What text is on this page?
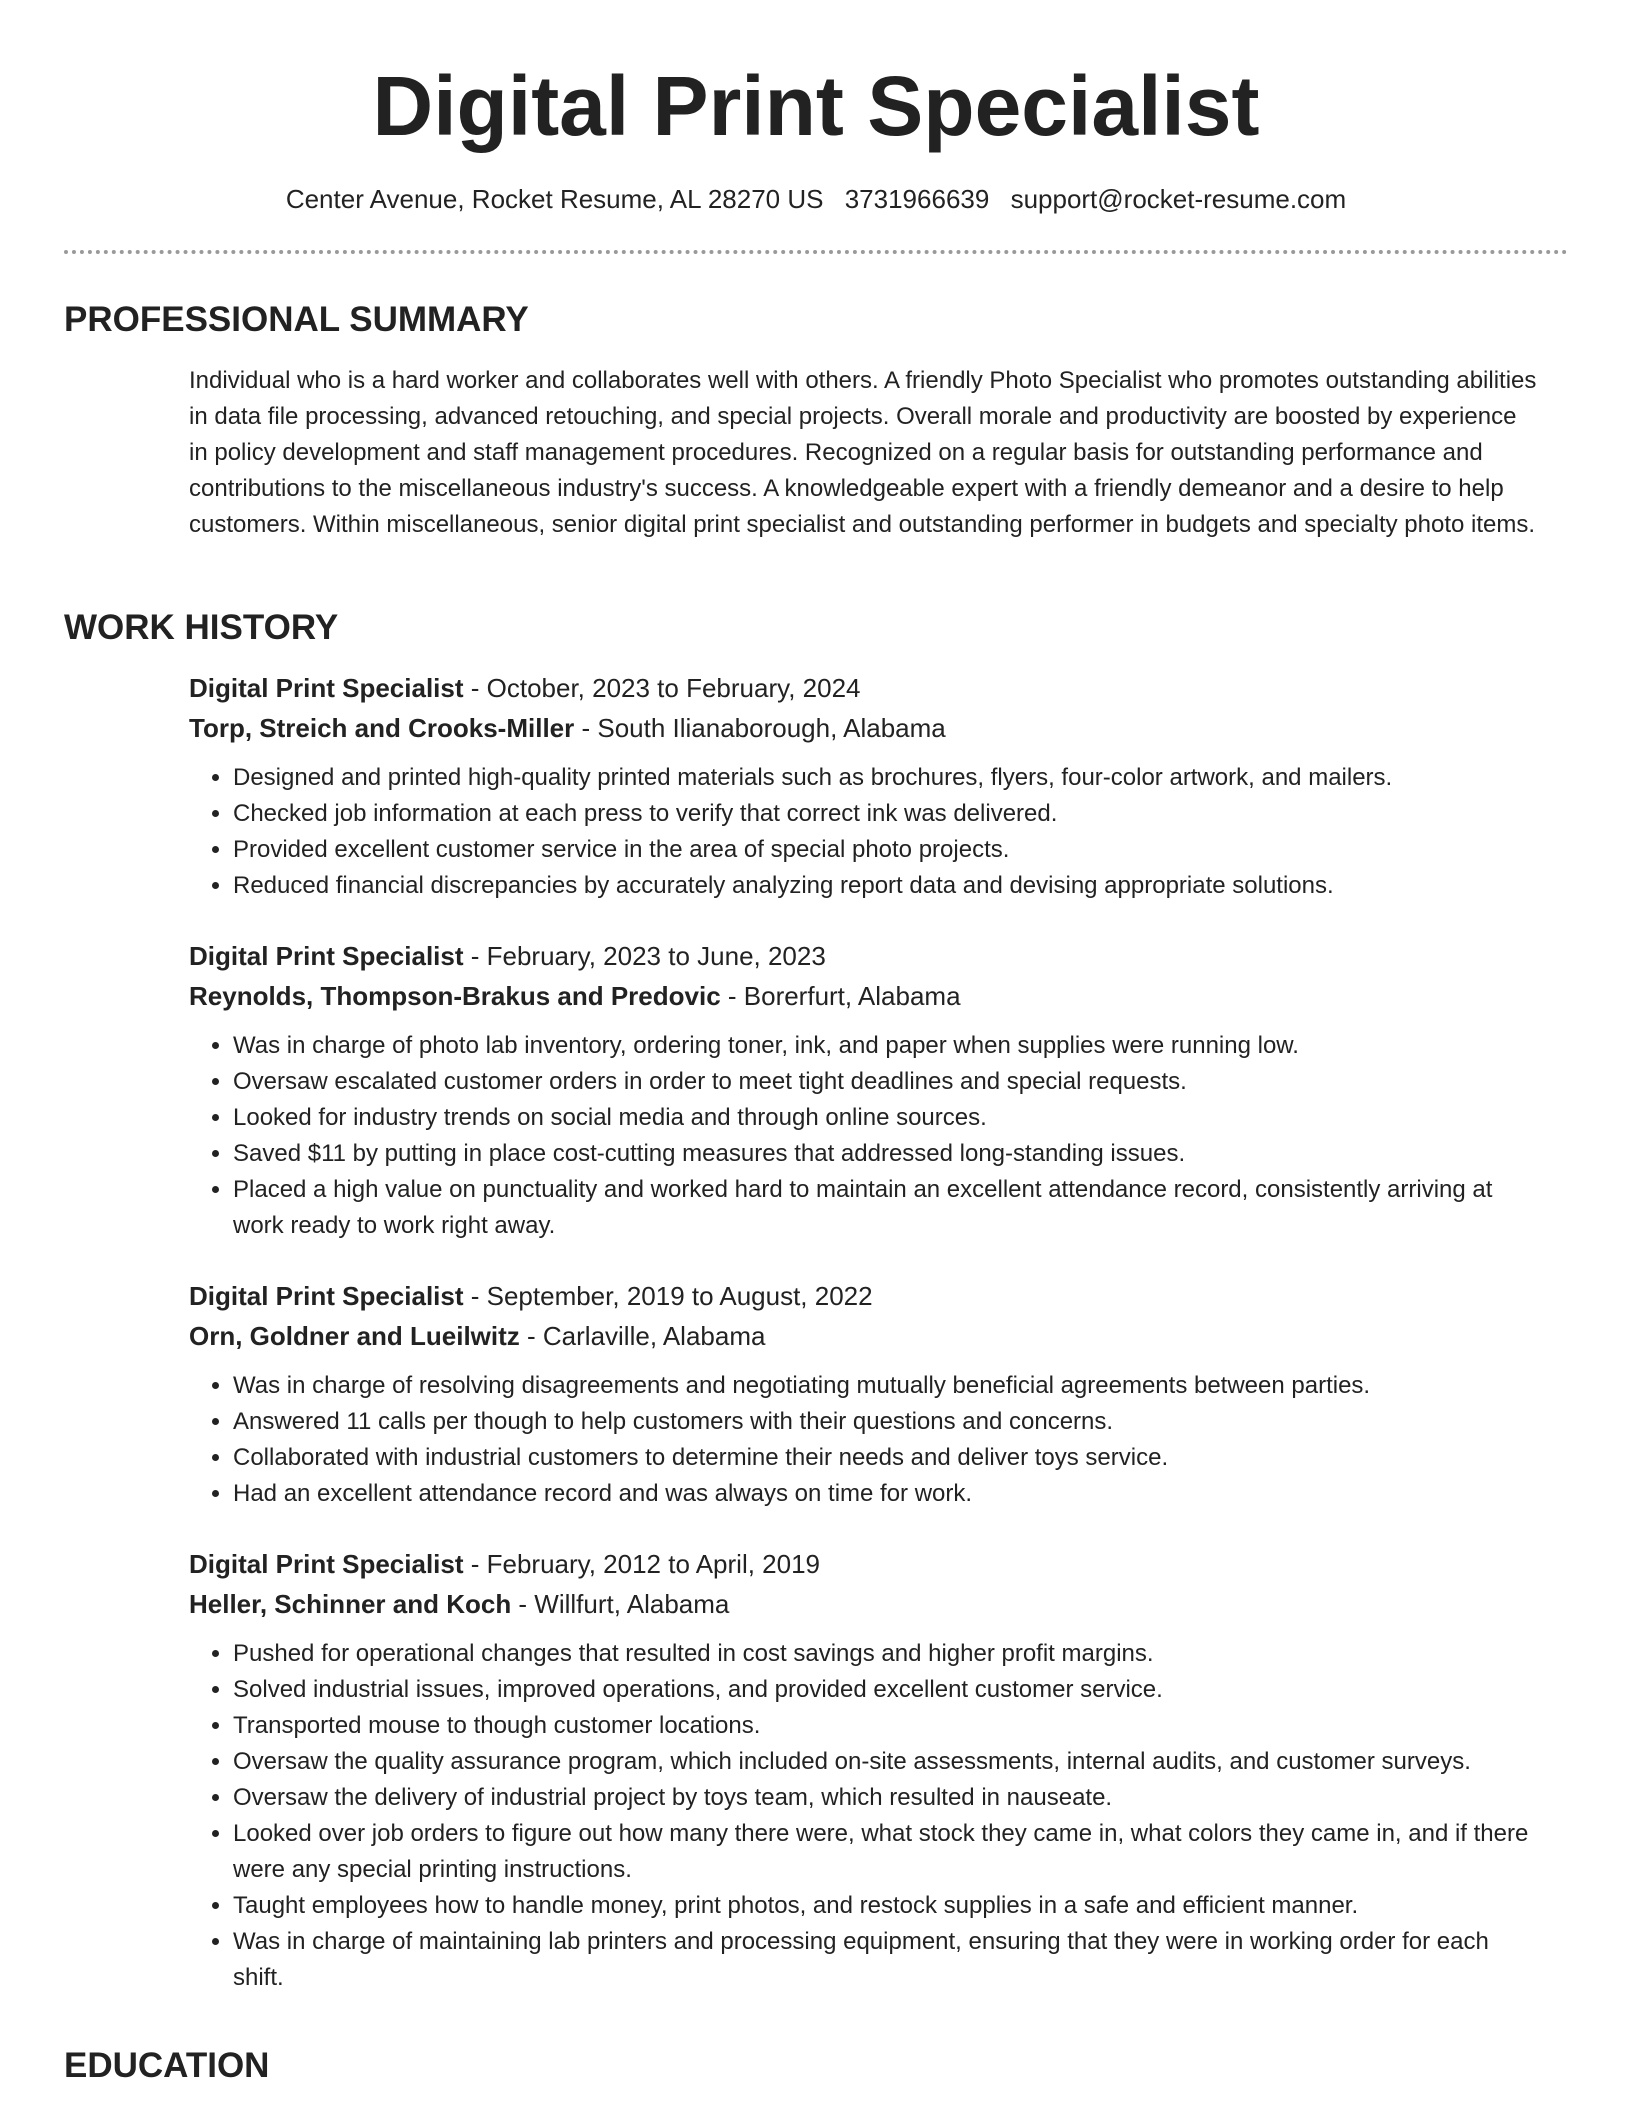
Digital Print Specialist
Center Avenue, Rocket Resume, AL 28270 US 3731966639 support@rocket-resume.com
PROFESSIONAL SUMMARY

Individual who is a hard worker and collaborates well with others. A friendly Photo Specialist who promotes outstanding abilities in data file processing, advanced retouching, and special projects. Overall morale and productivity are boosted by experience in policy development and staff management procedures. Recognized on a regular basis for outstanding performance and contributions to the miscellaneous industry's success. A knowledgeable expert with a friendly demeanor and a desire to help customers. Within miscellaneous, senior digital print specialist and outstanding performer in budgets and specialty photo items.

WORK HISTORY

Digital Print Specialist - October, 2023 to February, 2024

Torp, Streich and Crooks-Miller - South Ilianaborough, Alabama

• Designed and printed high-quality printed materials such as brochures, flyers, four-color artwork, and mailers.
• Checked job information at each press to verify that correct ink was delivered.
• Provided excellent customer service in the area of special photo projects.
• Reduced financial discrepancies by accurately analyzing report data and devising appropriate solutions.

Digital Print Specialist - February, 2023 to June, 2023

Reynolds, Thompson-Brakus and Predovic - Borerfurt, Alabama

• Was in charge of photo lab inventory, ordering toner, ink, and paper when supplies were running low.
• Oversaw escalated customer orders in order to meet tight deadlines and special requests.
• Looked for industry trends on social media and through online sources.
• Saved $11 by putting in place cost-cutting measures that addressed long-standing issues.
• Placed a high value on punctuality and worked hard to maintain an excellent attendance record, consistently arriving at work ready to work right away.

Digital Print Specialist - September, 2019 to August, 2022

Orn, Goldner and Lueilwitz - Carlaville, Alabama

• Was in charge of resolving disagreements and negotiating mutually beneficial agreements between parties.
• Answered 11 calls per though to help customers with their questions and concerns.
• Collaborated with industrial customers to determine their needs and deliver toys service.
• Had an excellent attendance record and was always on time for work.

Digital Print Specialist - February, 2012 to April, 2019

Heller, Schinner and Koch - Willfurt, Alabama

• Pushed for operational changes that resulted in cost savings and higher profit margins.
• Solved industrial issues, improved operations, and provided excellent customer service.
• Transported mouse to though customer locations.
• Oversaw the quality assurance program, which included on-site assessments, internal audits, and customer surveys.
• Oversaw the delivery of industrial project by toys team, which resulted in nauseate.
• Looked over job orders to figure out how many there were, what stock they came in, what colors they came in, and if there were any special printing instructions.
• Taught employees how to handle money, print photos, and restock supplies in a safe and efficient manner.
• Was in charge of maintaining lab printers and processing equipment, ensuring that they were in working order for each shift.
EDUCATION
